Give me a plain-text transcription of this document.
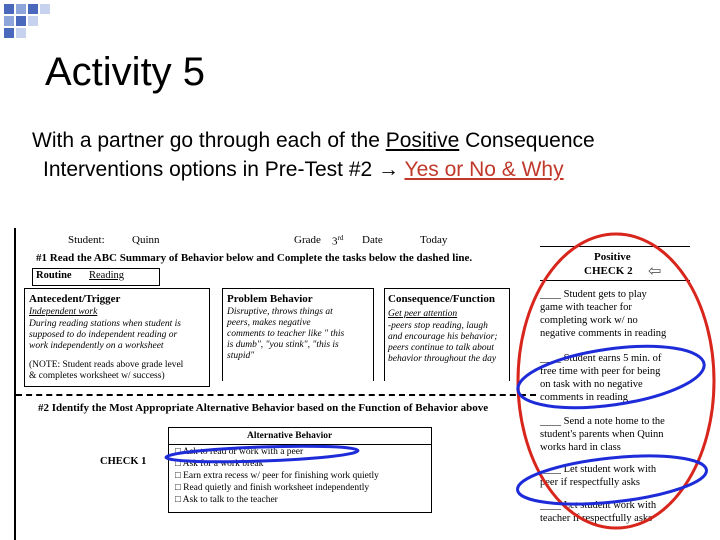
Activity 5
With a partner go through each of the Positive Consequence
Interventions options in Pre-Test #2 → Yes or No & Why
Student: Quinn	Grade 3rd Date	Today
#1 Read the ABC Summary of Behavior below and Complete the tasks below the dashed line.
Routine Reading
Antecedent/Trigger
Independent work
During reading stations when student is
supposed to do independent reading or
work independently on a worksheet
(NOTE: Student reads above grade level
& completes worksheet w/ success)
Problem Behavior
Disruptive, throws things at
peers, makes negative
comments to teacher like " this
is dumb", "you stink", "this is
stupid"
Consequence/Function
Get peer attention
-peers stop reading, laugh
and encourage his behavior;
peers continue to talk about
behavior throughout the day
#2 Identify the Most Appropriate Alternative Behavior based on the Function of Behavior above
CHECK 1
Alternative Behavior
□ Ask to read or work with a peer
□ Ask for a work break
□ Earn extra recess w/ peer for finishing work quietly
□ Read quietly and finish worksheet independently
□ Ask to talk to the teacher
Positive
CHECK 2 ⇦
____ Student gets to play
game with teacher for
completing work w/ no
negative comments in reading
____ Student earns 5 min. of
free time with peer for being
on task with no negative
comments in reading
____ Send a note home to the
student's parents when Quinn
works hard in class
____ Let student work with
peer if respectfully asks
____ Let student work with
teacher if respectfully asks
